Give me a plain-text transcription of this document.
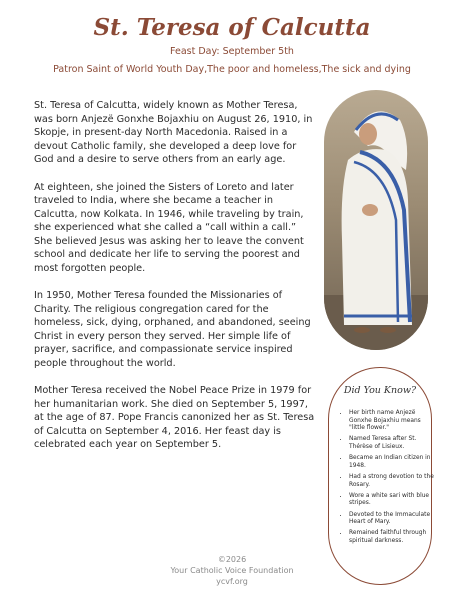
St. Teresa of Calcutta
Feast Day: September 5th
Patron Saint of World Youth Day,The poor and homeless,The sick and dying

St. Teresa of Calcutta, widely known as Mother Teresa, was born Anjezë Gonxhe Bojaxhiu on August 26, 1910, in Skopje, in present-day North Macedonia. Raised in a devout Catholic family, she developed a deep love for God and a desire to serve others from an early age.

At eighteen, she joined the Sisters of Loreto and later traveled to India, where she became a teacher in Calcutta, now Kolkata. In 1946, while traveling by train, she experienced what she called a “call within a call.” She believed Jesus was asking her to leave the convent school and dedicate her life to serving the poorest and most forgotten people.

In 1950, Mother Teresa founded the Missionaries of Charity. The religious congregation cared for the homeless, sick, dying, orphaned, and abandoned, seeing Christ in every person they served. Her simple life of prayer, sacrifice, and compassionate service inspired people throughout the world.

Mother Teresa received the Nobel Peace Prize in 1979 for her humanitarian work. She died on September 5, 1997, at the age of 87. Pope Francis canonized her as St. Teresa of Calcutta on September 4, 2016. Her feast day is celebrated each year on September 5.

Did You Know?
• Her birth name Anjezë Gonxhe Bojaxhiu means "little flower."
• Named Teresa after St. Thérèse of Lisieux.
• Became an Indian citizen in 1948.
• Had a strong devotion to the Rosary.
• Wore a white sari with blue stripes.
• Devoted to the Immaculate Heart of Mary.
• Remained faithful through spiritual darkness.
©2026
Your Catholic Voice Foundation
ycvf.org
